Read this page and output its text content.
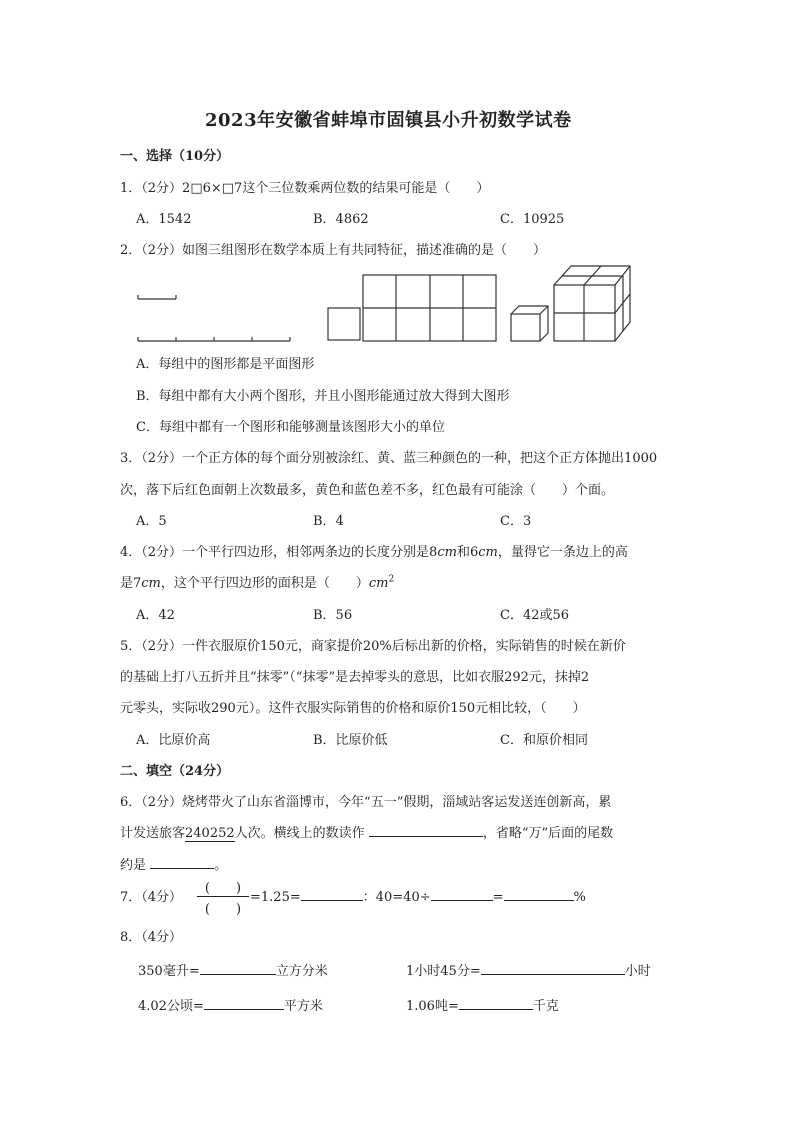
2023年安徽省蚌埠市固镇县小升初数学试卷
一、选择（10分）
1．（2分）2□6×□7这个三位数乘两位数的结果可能是（　　）
A．1542	B．4862	C．10925
2．（2分）如图三组图形在数学本质上有共同特征，描述准确的是（　　）
A．每组中的图形都是平面图形
B．每组中都有大小两个图形，并且小图形能通过放大得到大图形
C．每组中都有一个图形和能够测量该图形大小的单位
3．（2分）一个正方体的每个面分别被涂红、黄、蓝三种颜色的一种，把这个正方体抛出1000
次，落下后红色面朝上次数最多，黄色和蓝色差不多，红色最有可能涂（　　）个面。
A．5	B．4	C．3
4．（2分）一个平行四边形，相邻两条边的长度分别是8cm和6cm，量得它一条边上的高
是7cm，这个平行四边形的面积是（　　）$cm^2$
A．42	B．56	C．42或56
5．（2分）一件衣服原价150元，商家提价20%后标出新的价格，实际销售的时候在新价
的基础上打八五折并且“抹零”（“抹零”是去掉零头的意思，比如衣服292元，抹掉2
元零头，实际收290元）。这件衣服实际销售的价格和原价150元相比较，（　　）
A．比原价高	B．比原价低	C．和原价相同
二、填空（24分）
6．（2分）烧烤带火了山东省淄博市，今年“五一”假期，淄域站客运发送连创新高，累
计发送旅客240252人次。横线上的数读作	，省略“万”后面的尾数
约是	。
7．（4分）
(　　)
(　　)
=1.25=	：40=40÷	=	%
8．（4分）
350毫升=	立方分米	1小时45分=	小时
4.02公顷=	平方米	1.06吨=	千克
